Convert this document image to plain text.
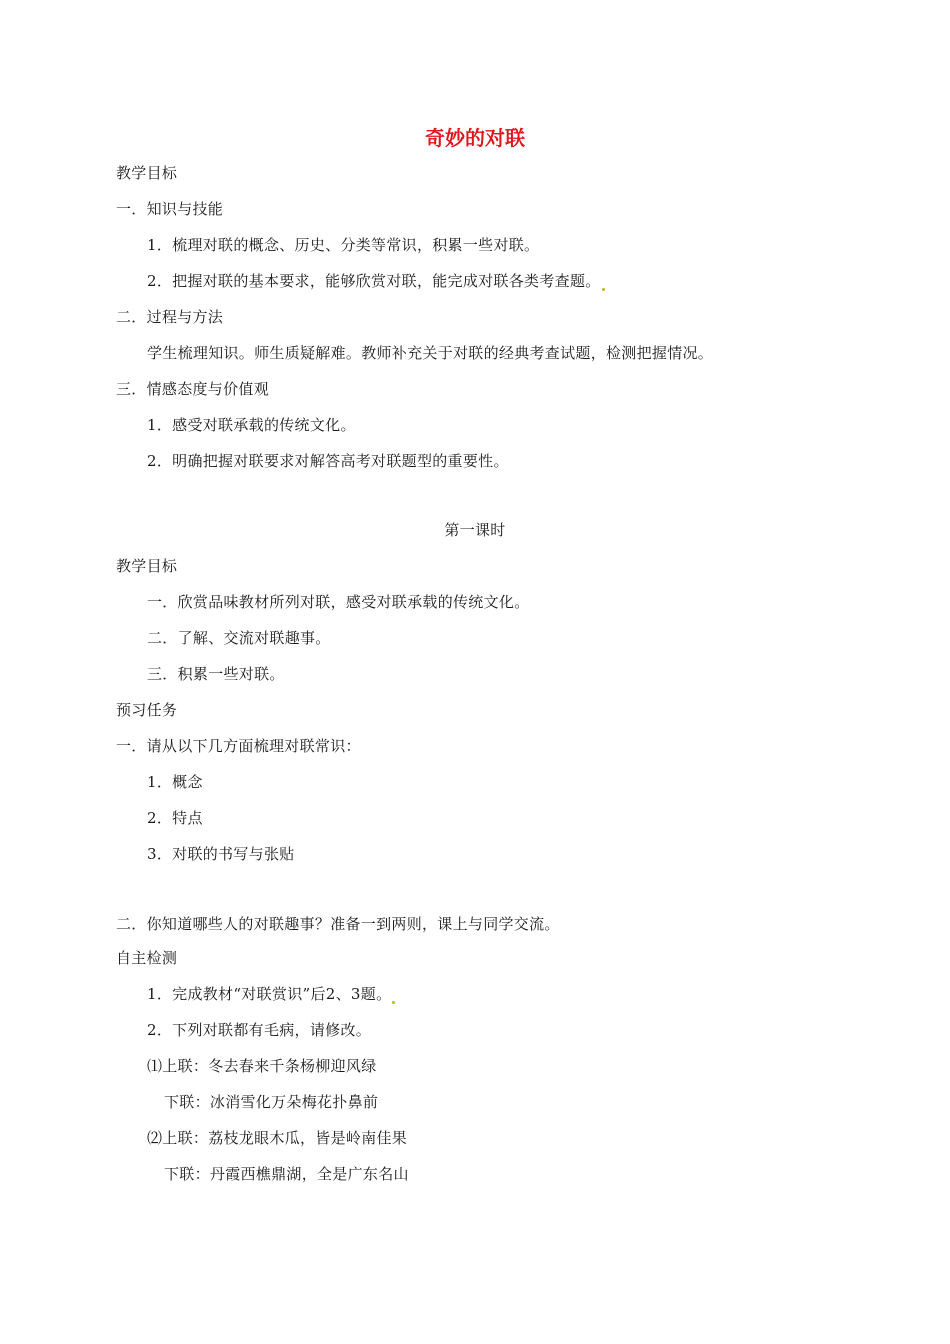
奇妙的对联
教学目标
一．知识与技能
1．梳理对联的概念、历史、分类等常识，积累一些对联。
2．把握对联的基本要求，能够欣赏对联，能完成对联各类考查题。
二．过程与方法
学生梳理知识。师生质疑解难。教师补充关于对联的经典考查试题，检测把握情况。
三．情感态度与价值观
1．感受对联承载的传统文化。
2．明确把握对联要求对解答高考对联题型的重要性。
第一课时
教学目标
一．欣赏品味教材所列对联，感受对联承载的传统文化。
二．了解、交流对联趣事。
三．积累一些对联。
预习任务
一．请从以下几方面梳理对联常识：
1．概念
2．特点
3．对联的书写与张贴
二．你知道哪些人的对联趣事？准备一到两则，课上与同学交流。
自主检测
1．完成教材“对联赏识”后2、3题。
2．下列对联都有毛病，请修改。
⑴上联：冬去春来千条杨柳迎风绿
下联：冰消雪化万朵梅花扑鼻前
⑵上联：荔枝龙眼木瓜，皆是岭南佳果
下联：丹霞西樵鼎湖，全是广东名山
